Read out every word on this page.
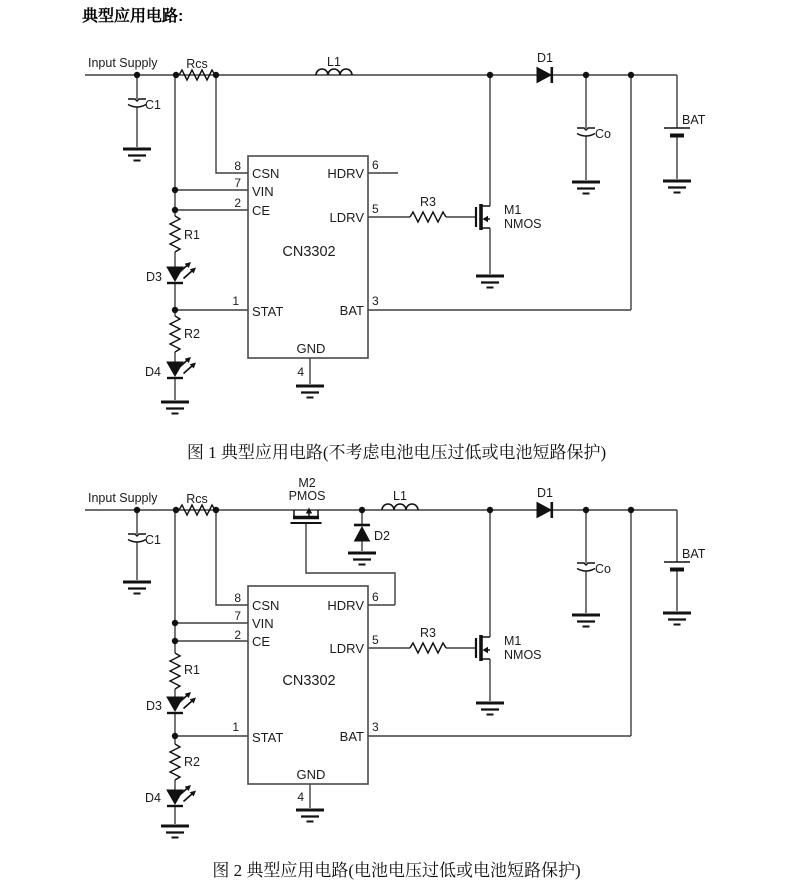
典型应用电路:
Input Supply
C1
Rcs	L1	D1
Co
BAT
R1
D3
R2
D4
R3
M1
NMOS
CN3302
8
7
2
1
CSN
VIN
CE
STAT
6
5
3
HDRV
LDRV
BAT
GND
4
Input Supply
C1
Rcs
M2
PMOS
D2
L1	D1
Co
BAT
R1
D3
R2
D4
R3
M1
NMOS
CN3302
8
7
2
1
CSN
VIN
CE
STAT
6
5
3
HDRV
LDRV
BAT
GND
4
图 1 典型应用电路(不考虑电池电压过低或电池短路保护)
图 2 典型应用电路(电池电压过低或电池短路保护)
